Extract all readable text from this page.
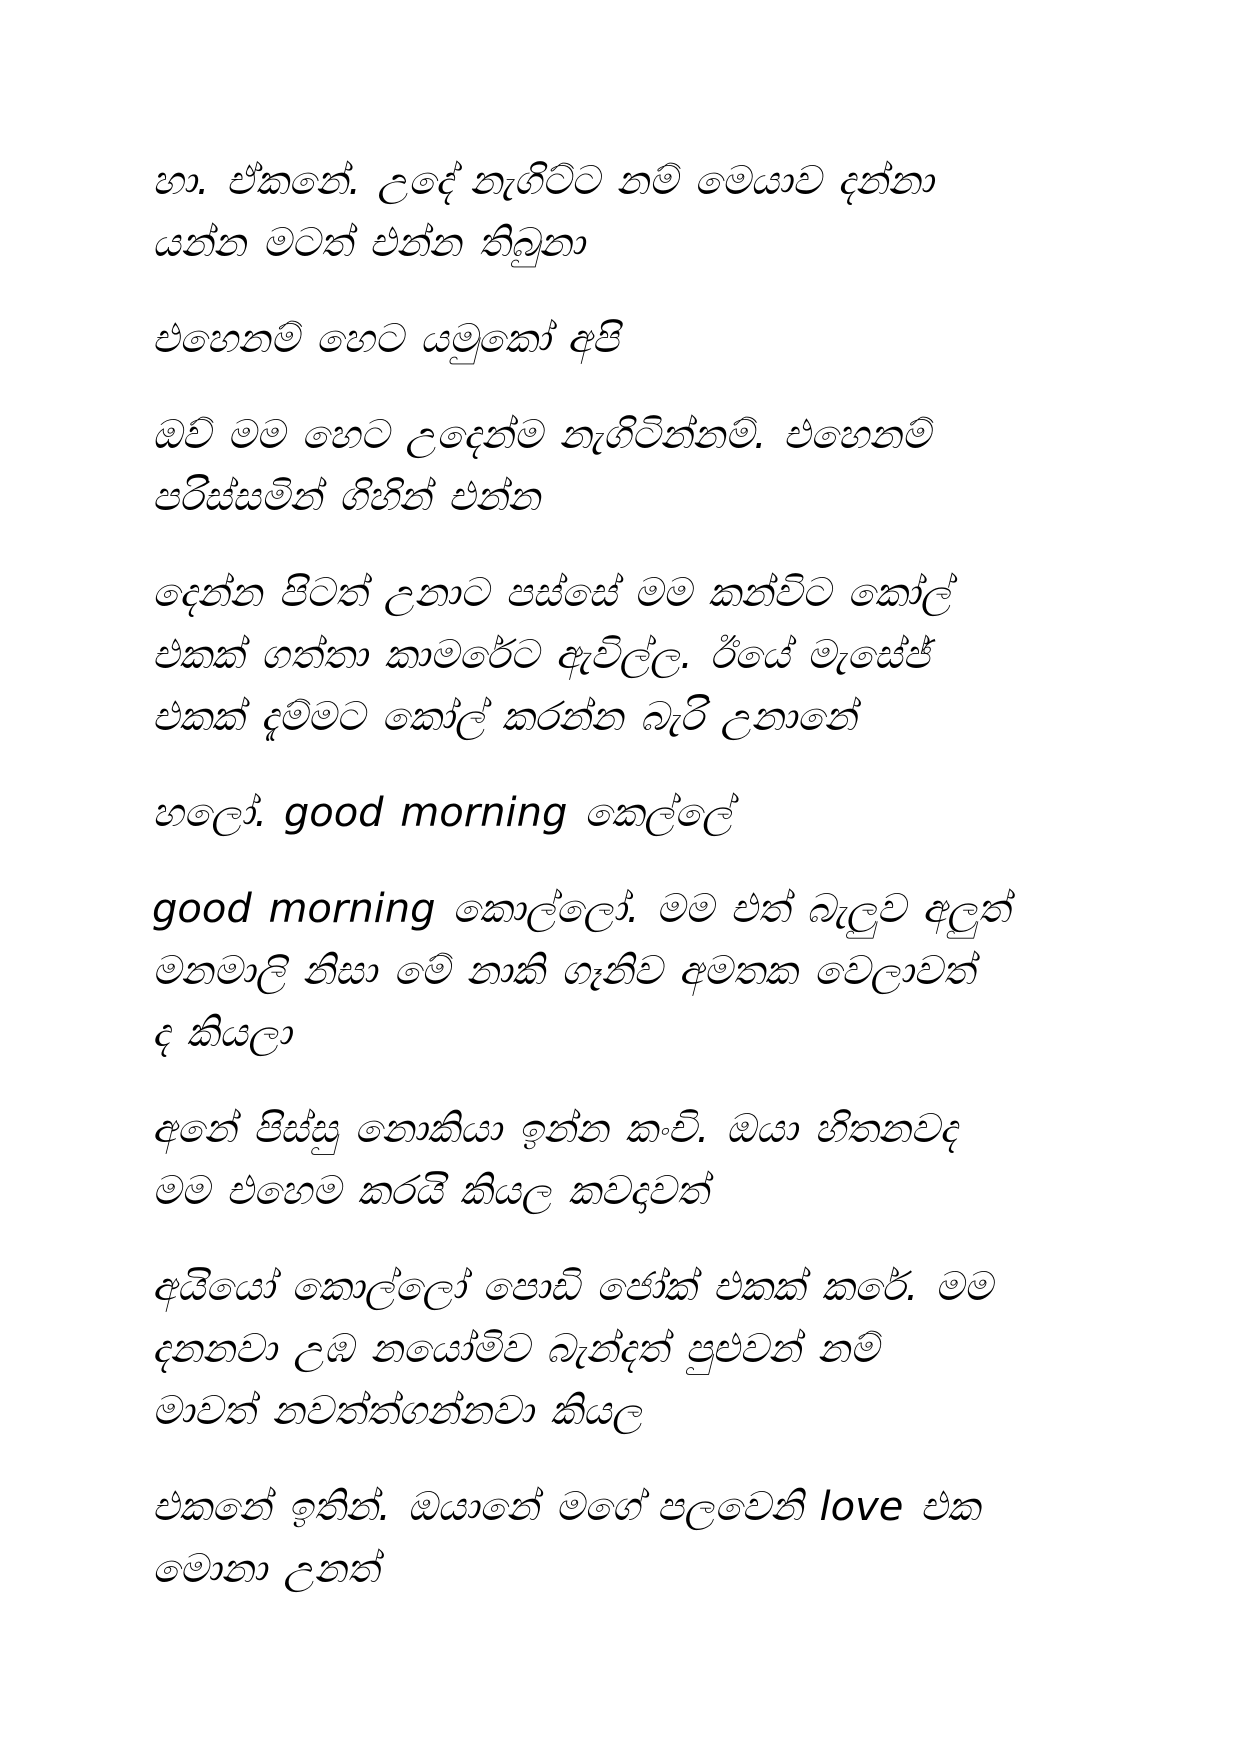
හා. ඒකනේ. උදේ නැගිට්ට නම් මෙයාව දන්නා
යන්න මටත් එන්න තිබුනා

එහෙනම් හෙට යමුකෝ අපි

ඔව් මම හෙට උදෙන්ම නැගිටින්නම්. එහෙනම්
පරිස්සමින් ගිහින් එන්න

දෙන්න පිටත් උනාට පස්සේ මම කන්විට කෝල්
එකක් ගත්තා කාමරේට ඇවිල්ල. ඊයේ මැසේජ්
එකක් දැම්මට කෝල් කරන්න බැරි උනානේ

හලෝ. good morning කෙල්ලේ

good morning කොල්ලෝ. මම එත් බැලුව අලුත්
මනමාලි නිසා මේ නාකි ගෑනිව අමතක වෙලාවත්
ද කියලා

අනේ පිස්සු නොකියා ඉන්න කංචි. ඔයා හිතනවද
මම එහෙම කරයි කියල කවදාවත්

අයියෝ කොල්ලෝ පොඩි ජෝක් එකක් කරේ. මම
දනනවා උඹ නයෝමිව බැන්දත් පුළුවන් නම්
මාවත් නවත්ත්ගන්නවා කියල

එකනේ ඉතින්. ඔයානේ මගේ පලවෙනි love එක
මොනා උනත්
